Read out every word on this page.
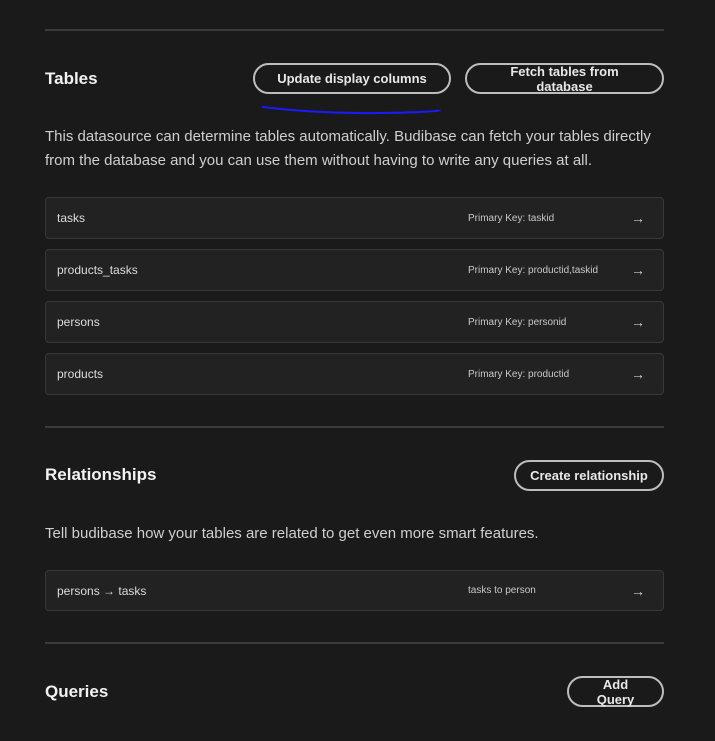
Tables	Update display columns	Fetch tables from database
This datasource can determine tables automatically. Budibase can fetch your tables directly from the database and you can use them without having to write any queries at all.
tasks	Primary Key: taskid	→
products_tasks	Primary Key: productid,taskid →
persons	Primary Key: personid	→
products	Primary Key: productid	→
Relationships	Create relationship
Tell budibase how your tables are related to get even more smart features.
persons → tasks	tasks to person	→
Queries	Add Query
